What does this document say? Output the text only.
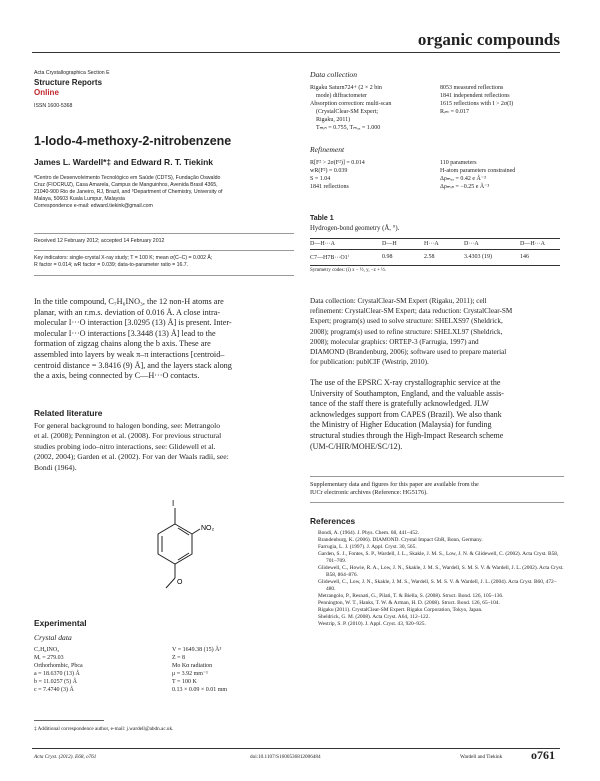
organic compounds
Acta Crystallographica Section E
Structure Reports
Online
ISSN 1600-5368
1-Iodo-4-methoxy-2-nitrobenzene
James L. Wardell*‡ and Edward R. T. Tiekink
ªCentro de Desenvolvimento Tecnológico em Saúde (CDTS), Fundação Oswaldo
Cruz (FIOCRUZ), Casa Amarela, Campus de Manguinhos, Avenida Brasil 4365,
21040-900 Rio de Janeiro, RJ, Brazil, and ᵇDepartment of Chemistry, University of
Malaya, 50603 Kuala Lumpur, Malaysia
Correspondence e-mail: edward.tiekink@gmail.com
Received 12 February 2012; accepted 14 February 2012
Key indicators: single-crystal X-ray study; T = 100 K; mean σ(C–C) = 0.002 Å;
R factor = 0.014; wR factor = 0.039; data-to-parameter ratio = 16.7.
In the title compound, C₇H₆INO₃, the 12 non-H atoms are
planar, with an r.m.s. deviation of 0.016 Å. A close intra-
molecular I···O interaction [3.0295 (13) Å] is present. Inter-
molecular I···O interactions [3.3448 (13) Å] lead to the
formation of zigzag chains along the b axis. These are
assembled into layers by weak π–π interactions [centroid–
centroid distance = 3.8416 (9) Å], and the layers stack along
the a axis, being connected by C—H···O contacts.
Related literature
For general background to halogen bonding, see: Metrangolo
et al. (2008); Pennington et al. (2008). For previous structural
studies probing iodo–nitro interactions, see: Glidewell et al.
(2002, 2004); Garden et al. (2002). For van der Waals radii, see:
Bondi (1964).
I
NO₂
O
Experimental
Crystal data
C₇H₆INO₃
Mᵣ = 279.03
Orthorhombic, Pbca
a = 18.6370 (13) Å
b = 11.0257 (5) Å
c = 7.4740 (3) Å
V = 1649.38 (15) Å³
Z = 8
Mo Kα radiation
μ = 3.92 mm⁻¹
T = 100 K
0.13 × 0.09 × 0.01 mm
‡ Additional correspondence author, e-mail: j.wardell@abdn.ac.uk.
Acta Cryst. (2012). E68, o761	doi:10.1107/S1600536812006484	Wardell and Tiekink o761
Data collection
Rigaku Saturn724+ (2 × 2 bin
mode) diffractometer
Absorption correction: multi-scan
(CrystalClear-SM Expert;
Rigaku, 2011)
Tₘᵢₙ = 0.755, Tₘₐₓ = 1.000
8053 measured reflections
1841 independent reflections
1615 reflections with I > 2σ(I)
Rᵢₙₜ = 0.017
Refinement
R[F² > 2σ(F²)] = 0.014
wR(F²) = 0.039
S = 1.04
1841 reflections
110 parameters
H-atom parameters constrained
Δρₘₐₓ = 0.42 e Å⁻³
Δρₘᵢₙ = −0.25 e Å⁻³
Table 1
Hydrogen-bond geometry (Å, °).
D—H···A	D—H	H···A	D···A	D—H···A
C7—H7B···O1ⁱ	0.98	2.58	3.4303 (19)	146
Symmetry codes: (i) x − ½, y, −z + ½.
Data collection: CrystalClear-SM Expert (Rigaku, 2011); cell
refinement: CrystalClear-SM Expert; data reduction: CrystalClear-SM
Expert; program(s) used to solve structure: SHELXS97 (Sheldrick,
2008); program(s) used to refine structure: SHELXL97 (Sheldrick,
2008); molecular graphics: ORTEP-3 (Farrugia, 1997) and
DIAMOND (Brandenburg, 2006); software used to prepare material
for publication: publCIF (Westrip, 2010).
The use of the EPSRC X-ray crystallographic service at the
University of Southampton, England, and the valuable assis-
tance of the staff there is gratefully acknowledged. JLW
acknowledges support from CAPES (Brazil). We also thank
the Ministry of Higher Education (Malaysia) for funding
structural studies through the High-Impact Research scheme
(UM-C/HIR/MOHE/SC/12).
Supplementary data and figures for this paper are available from the
IUCr electronic archives (Reference: HG5176).
References
Bondi, A. (1964). J. Phys. Chem. 68, 441–452.
Brandenburg, K. (2006). DIAMOND. Crystal Impact GbR, Bonn, Germany.
Farrugia, L. J. (1997). J. Appl. Cryst. 30, 565.
Garden, S. J., Fontes, S. P., Wardell, J. L., Skakle, J. M. S., Low, J. N. & Glidewell, C. (2002). Acta Cryst. B58, 701–709.
Glidewell, C., Howie, R. A., Low, J. N., Skakle, J. M. S., Wardell, S. M. S. V. & Wardell, J. L. (2002). Acta Cryst. B58, 864–876.
Glidewell, C., Low, J. N., Skakle, J. M. S., Wardell, S. M. S. V. & Wardell, J. L. (2004). Acta Cryst. B60, 472–480.
Metrangolo, P., Resnati, G., Pilati, T. & Biella, S. (2008). Struct. Bond. 126, 105–136.
Pennington, W. T., Hanks, T. W. & Arman, H. D. (2008). Struct. Bond. 126, 65–104.
Rigaku (2011). CrystalClear-SM Expert. Rigaku Corporation, Tokyo, Japan.
Sheldrick, G. M. (2008). Acta Cryst. A64, 112–122.
Westrip, S. P. (2010). J. Appl. Cryst. 43, 920–925.
